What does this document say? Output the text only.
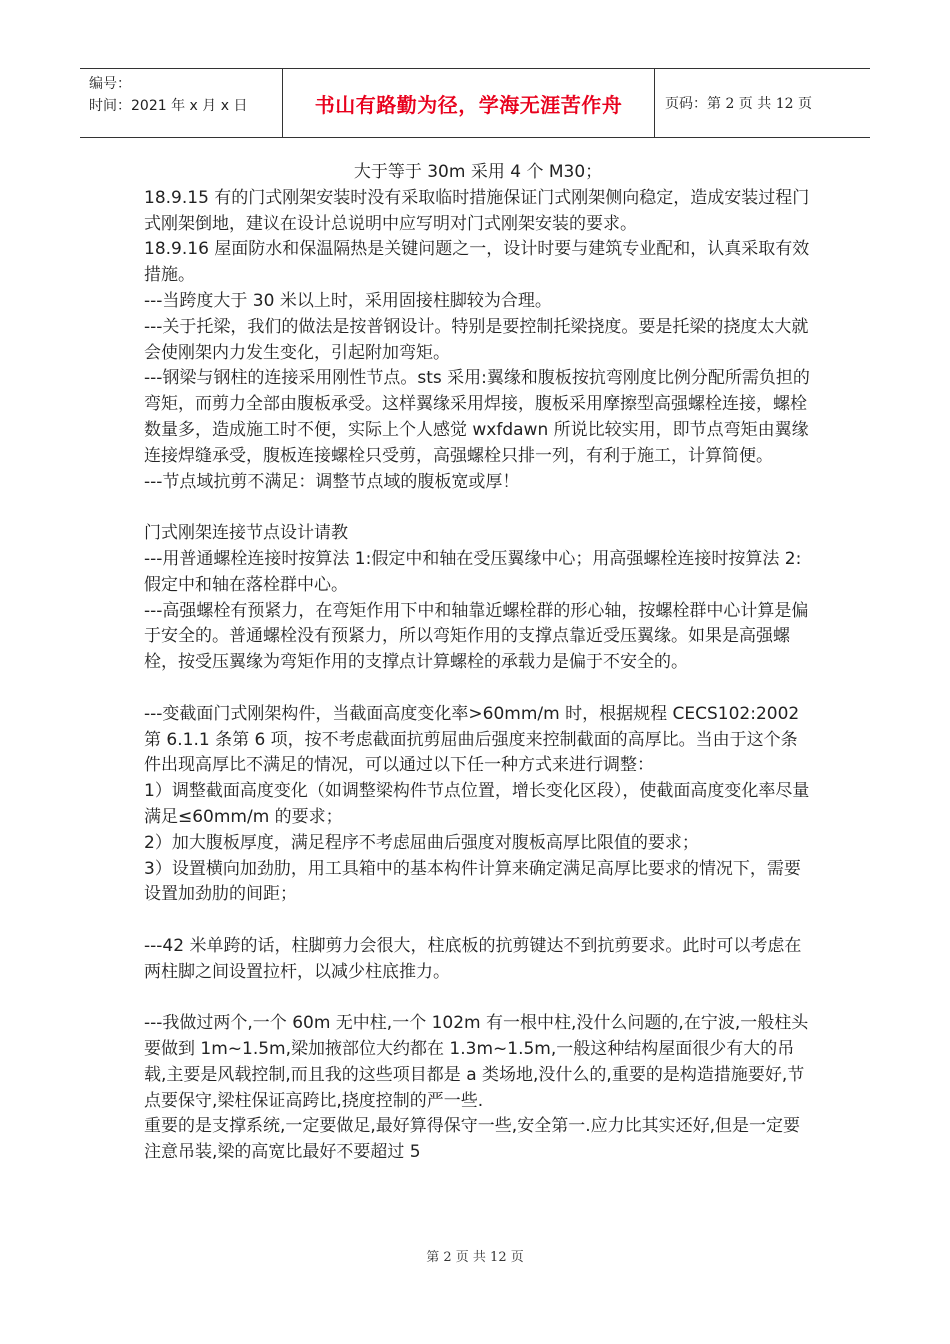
编号：
时间：2021 年 x 月 x 日	书山有路勤为径，学海无涯苦作舟	页码：第 2 页 共 12 页

大于等于 30m 采用 4 个 M30；

18.9.15 有的门式刚架安装时没有采取临时措施保证门式刚架侧向稳定，造成安装过程门式刚架倒地，建议在设计总说明中应写明对门式刚架安装的要求。

18.9.16 屋面防水和保温隔热是关键问题之一，设计时要与建筑专业配和，认真采取有效措施。

---当跨度大于 30 米以上时，采用固接柱脚较为合理。

---关于托梁，我们的做法是按普钢设计。特别是要控制托梁挠度。要是托梁的挠度太大就会使刚架内力发生变化，引起附加弯矩。

---钢梁与钢柱的连接采用刚性节点。sts 采用:翼缘和腹板按抗弯刚度比例分配所需负担的弯矩，而剪力全部由腹板承受。这样翼缘采用焊接，腹板采用摩擦型高强螺栓连接，螺栓数量多，造成施工时不便，实际上个人感觉 wxfdawn 所说比较实用，即节点弯矩由翼缘连接焊缝承受，腹板连接螺栓只受剪，高强螺栓只排一列，有利于施工，计算简便。

---节点域抗剪不满足：调整节点域的腹板宽或厚！

门式刚架连接节点设计请教

---用普通螺栓连接时按算法 1:假定中和轴在受压翼缘中心；用高强螺栓连接时按算法 2:假定中和轴在落栓群中心。

---高强螺栓有预紧力，在弯矩作用下中和轴靠近螺栓群的形心轴，按螺栓群中心计算是偏于安全的。普通螺栓没有预紧力，所以弯矩作用的支撑点靠近受压翼缘。如果是高强螺栓，按受压翼缘为弯矩作用的支撑点计算螺栓的承载力是偏于不安全的。

---变截面门式刚架构件，当截面高度变化率>60mm/m 时，根据规程 CECS102:2002 第 6.1.1 条第 6 项，按不考虑截面抗剪屈曲后强度来控制截面的高厚比。当由于这个条件出现高厚比不满足的情况，可以通过以下任一种方式来进行调整：

1）调整截面高度变化（如调整梁构件节点位置，增长变化区段），使截面高度变化率尽量满足≤60mm/m 的要求；

2）加大腹板厚度，满足程序不考虑屈曲后强度对腹板高厚比限值的要求；

3）设置横向加劲肋，用工具箱中的基本构件计算来确定满足高厚比要求的情况下，需要设置加劲肋的间距；

---42 米单跨的话，柱脚剪力会很大，柱底板的抗剪键达不到抗剪要求。此时可以考虑在两柱脚之间设置拉杆，以减少柱底推力。

---我做过两个,一个 60m 无中柱,一个 102m 有一根中柱,没什么问题的,在宁波,一般柱头要做到 1m~1.5m,梁加掖部位大约都在 1.3m~1.5m,一般这种结构屋面很少有大的吊载,主要是风载控制,而且我的这些项目都是 a 类场地,没什么的,重要的是构造措施要好,节点要保守,梁柱保证高跨比,挠度控制的严一些.

重要的是支撑系统,一定要做足,最好算得保守一些,安全第一.应力比其实还好,但是一定要注意吊装,梁的高宽比最好不要超过 5

第 2 页 共 12 页
